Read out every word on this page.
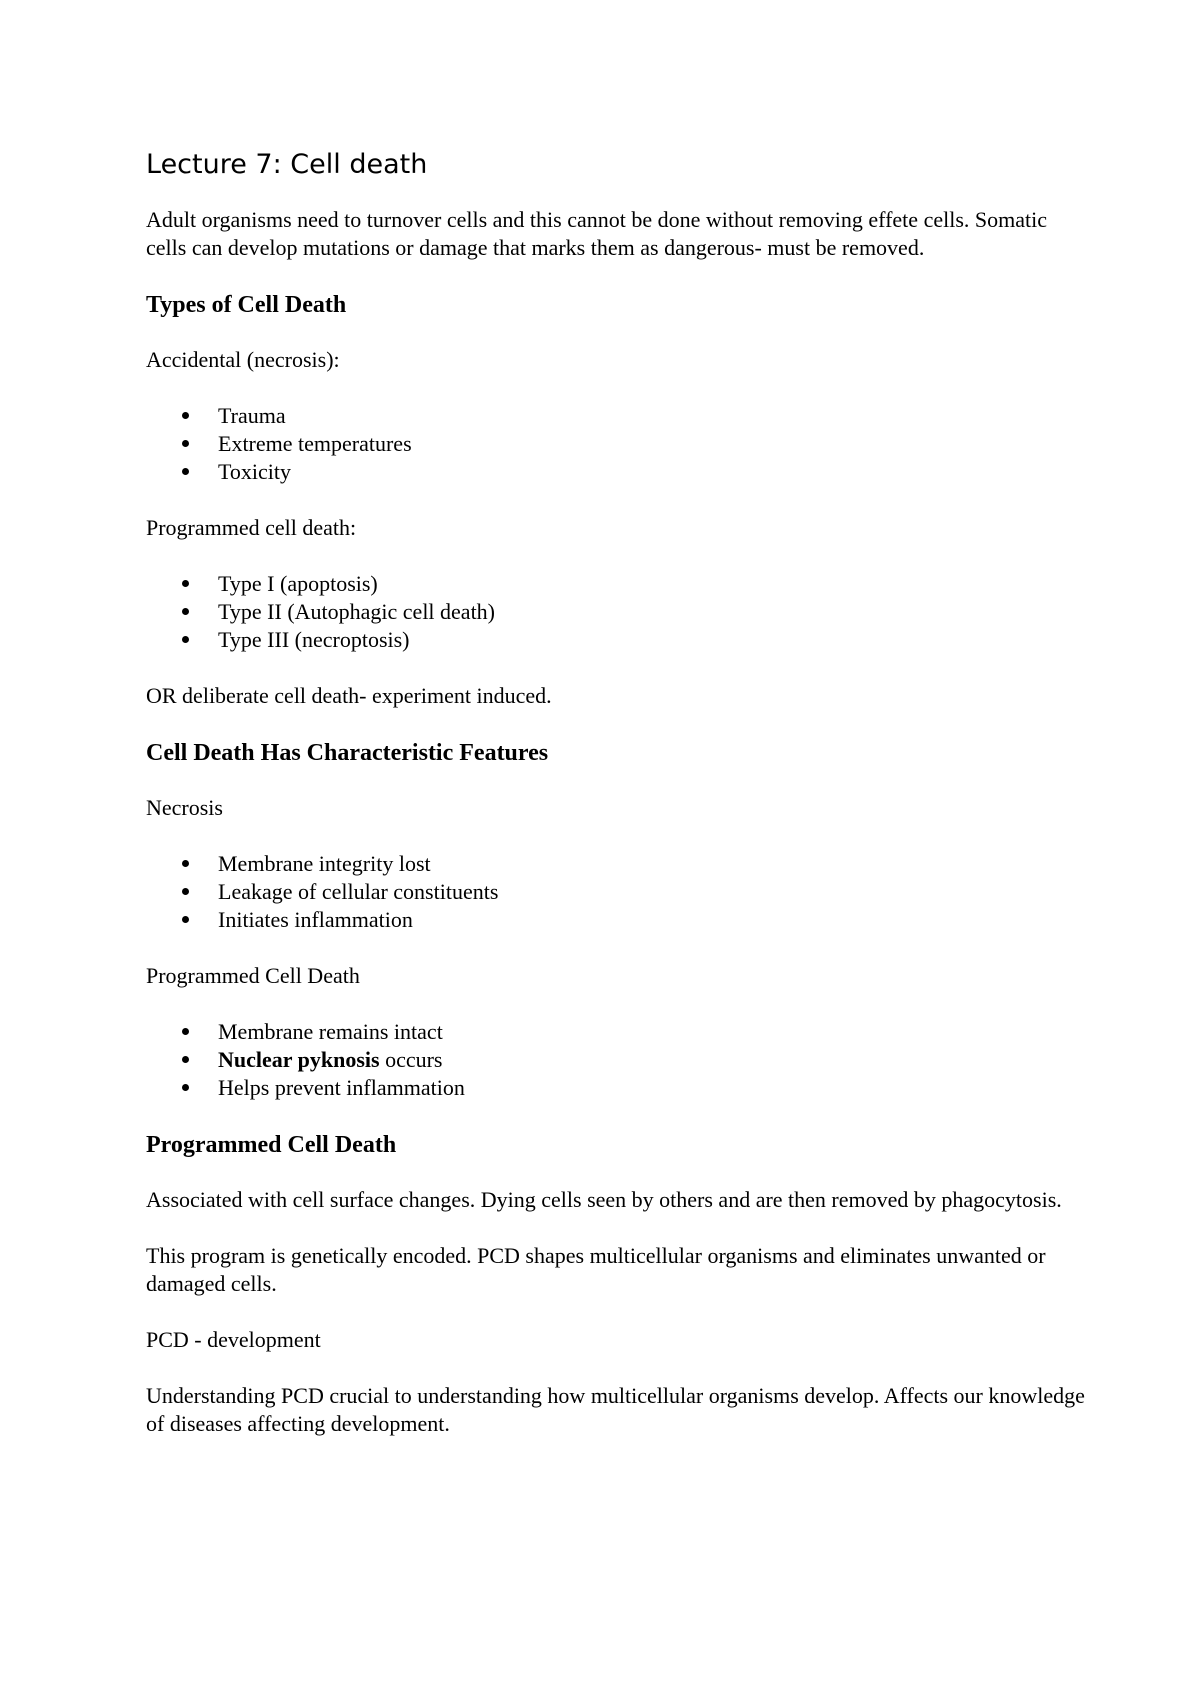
Lecture 7: Cell death

Adult organisms need to turnover cells and this cannot be done without removing effete cells. Somatic cells can develop mutations or damage that marks them as dangerous- must be removed.

Types of Cell Death

Accidental (necrosis):

Trauma
Extreme temperatures
Toxicity

Programmed cell death:

Type I (apoptosis)
Type II (Autophagic cell death)
Type III (necroptosis)

OR deliberate cell death- experiment induced.

Cell Death Has Characteristic Features

Necrosis

Membrane integrity lost
Leakage of cellular constituents
Initiates inflammation

Programmed Cell Death

Membrane remains intact
Nuclear pyknosis occurs
Helps prevent inflammation
Programmed Cell Death

Associated with cell surface changes. Dying cells seen by others and are then removed by phagocytosis.

This program is genetically encoded. PCD shapes multicellular organisms and eliminates unwanted or damaged cells.

PCD - development

Understanding PCD crucial to understanding how multicellular organisms develop. Affects our knowledge of diseases affecting development.
